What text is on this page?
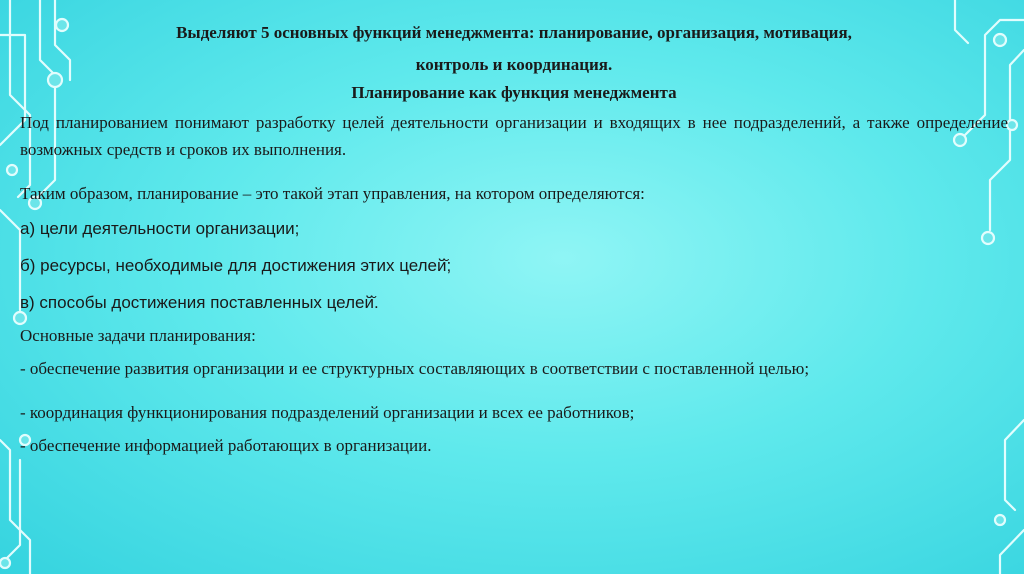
Выделяют 5 основных функций менеджмента: планирование, организация, мотивация,
контроль и координация.
Планирование как функция менеджмента

Под планированием понимают разработку целей деятельности организации и входящих в нее подразделений, а также определение возможных средств и сроков их выполнения.

Таким образом, планирование – это такой этап управления, на котором определяются:

а) цели деятельности организации;

б) ресурсы, необходимые для достижения этих целей̆;

в) способы достижения поставленных целей̆.

Основные задачи планирования:

- обеспечение развития организации и ее структурных составляющих в соответствии с поставленной целью;

- координация функционирования подразделений организации и всех ее работников;

- обеспечение информацией работающих в организации.
